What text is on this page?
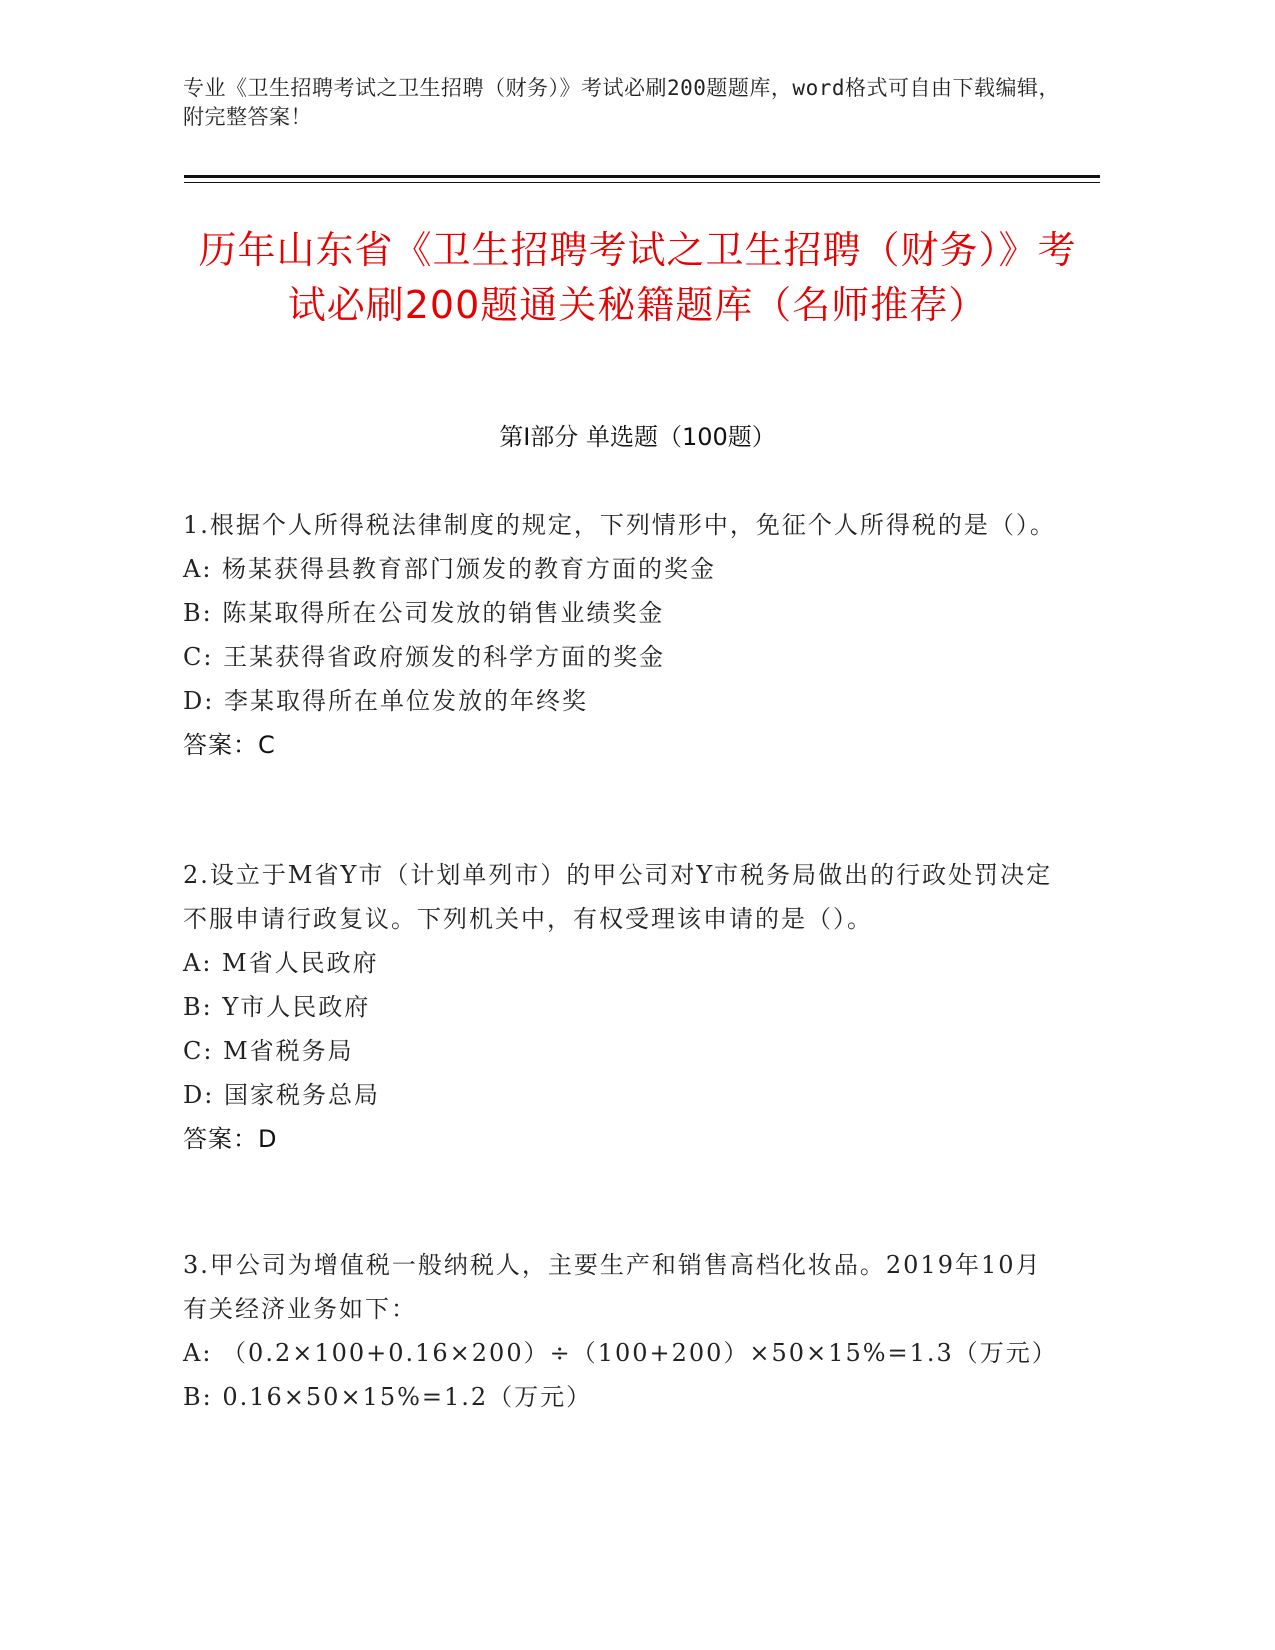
专业《卫生招聘考试之卫生招聘（财务）》考试必刷200题题库，word格式可自由下载编辑，附完整答案！
历年山东省《卫生招聘考试之卫生招聘（财务）》考试必刷200题通关秘籍题库（名师推荐）
第Ⅰ部分 单选题（100题）
1.根据个人所得税法律制度的规定，下列情形中，免征个人所得税的是（）。
A: 杨某获得县教育部门颁发的教育方面的奖金
B: 陈某取得所在公司发放的销售业绩奖金
C: 王某获得省政府颁发的科学方面的奖金
D: 李某取得所在单位发放的年终奖
答案：C
2.设立于M省Y市（计划单列市）的甲公司对Y市税务局做出的行政处罚决定不服申请行政复议。下列机关中，有权受理该申请的是（）。
A: M省人民政府
B: Y市人民政府
C: M省税务局
D: 国家税务总局
答案：D
3.甲公司为增值税一般纳税人，主要生产和销售高档化妆品。2019年10月有关经济业务如下：
A: （0.2×100+0.16×200）÷（100+200）×50×15%=1.3（万元）
B: 0.16×50×15%=1.2（万元）
